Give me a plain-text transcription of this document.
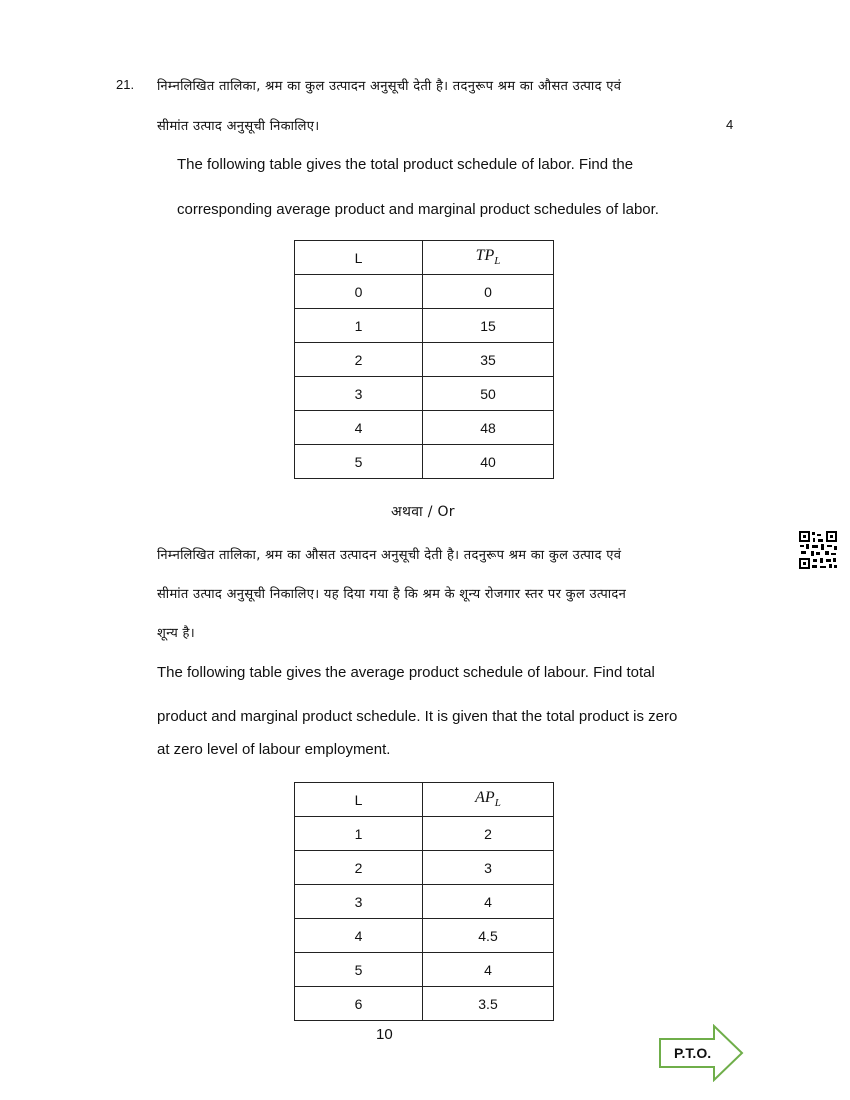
21. निम्नलिखित तालिका, श्रम का कुल उत्पादन अनुसूची देती है। तदनुरूप श्रम का औसत उत्पाद एवं
सीमांत उत्पाद अनुसूची निकालिए।	4
The following table gives the total product schedule of labor. Find the
corresponding average product and marginal product schedules of labor.
L	$TP_L$
0	0
1	15
2	35
3	50
4	48
5	40
अथवा / Or
निम्नलिखित तालिका, श्रम का औसत उत्पादन अनुसूची देती है। तदनुरूप श्रम का कुल उत्पाद एवं
सीमांत उत्पाद अनुसूची निकालिए। यह दिया गया है कि श्रम के शून्य रोजगार स्तर पर कुल उत्पादन
शून्य है।
The following table gives the average product schedule of labour. Find total
product and marginal product schedule. It is given that the total product is zero
at zero level of labour employment.
L	$AP_L$
1	2
2	3
3	4
4	4.5
5	4
6	3.5
10
P.T.O.
